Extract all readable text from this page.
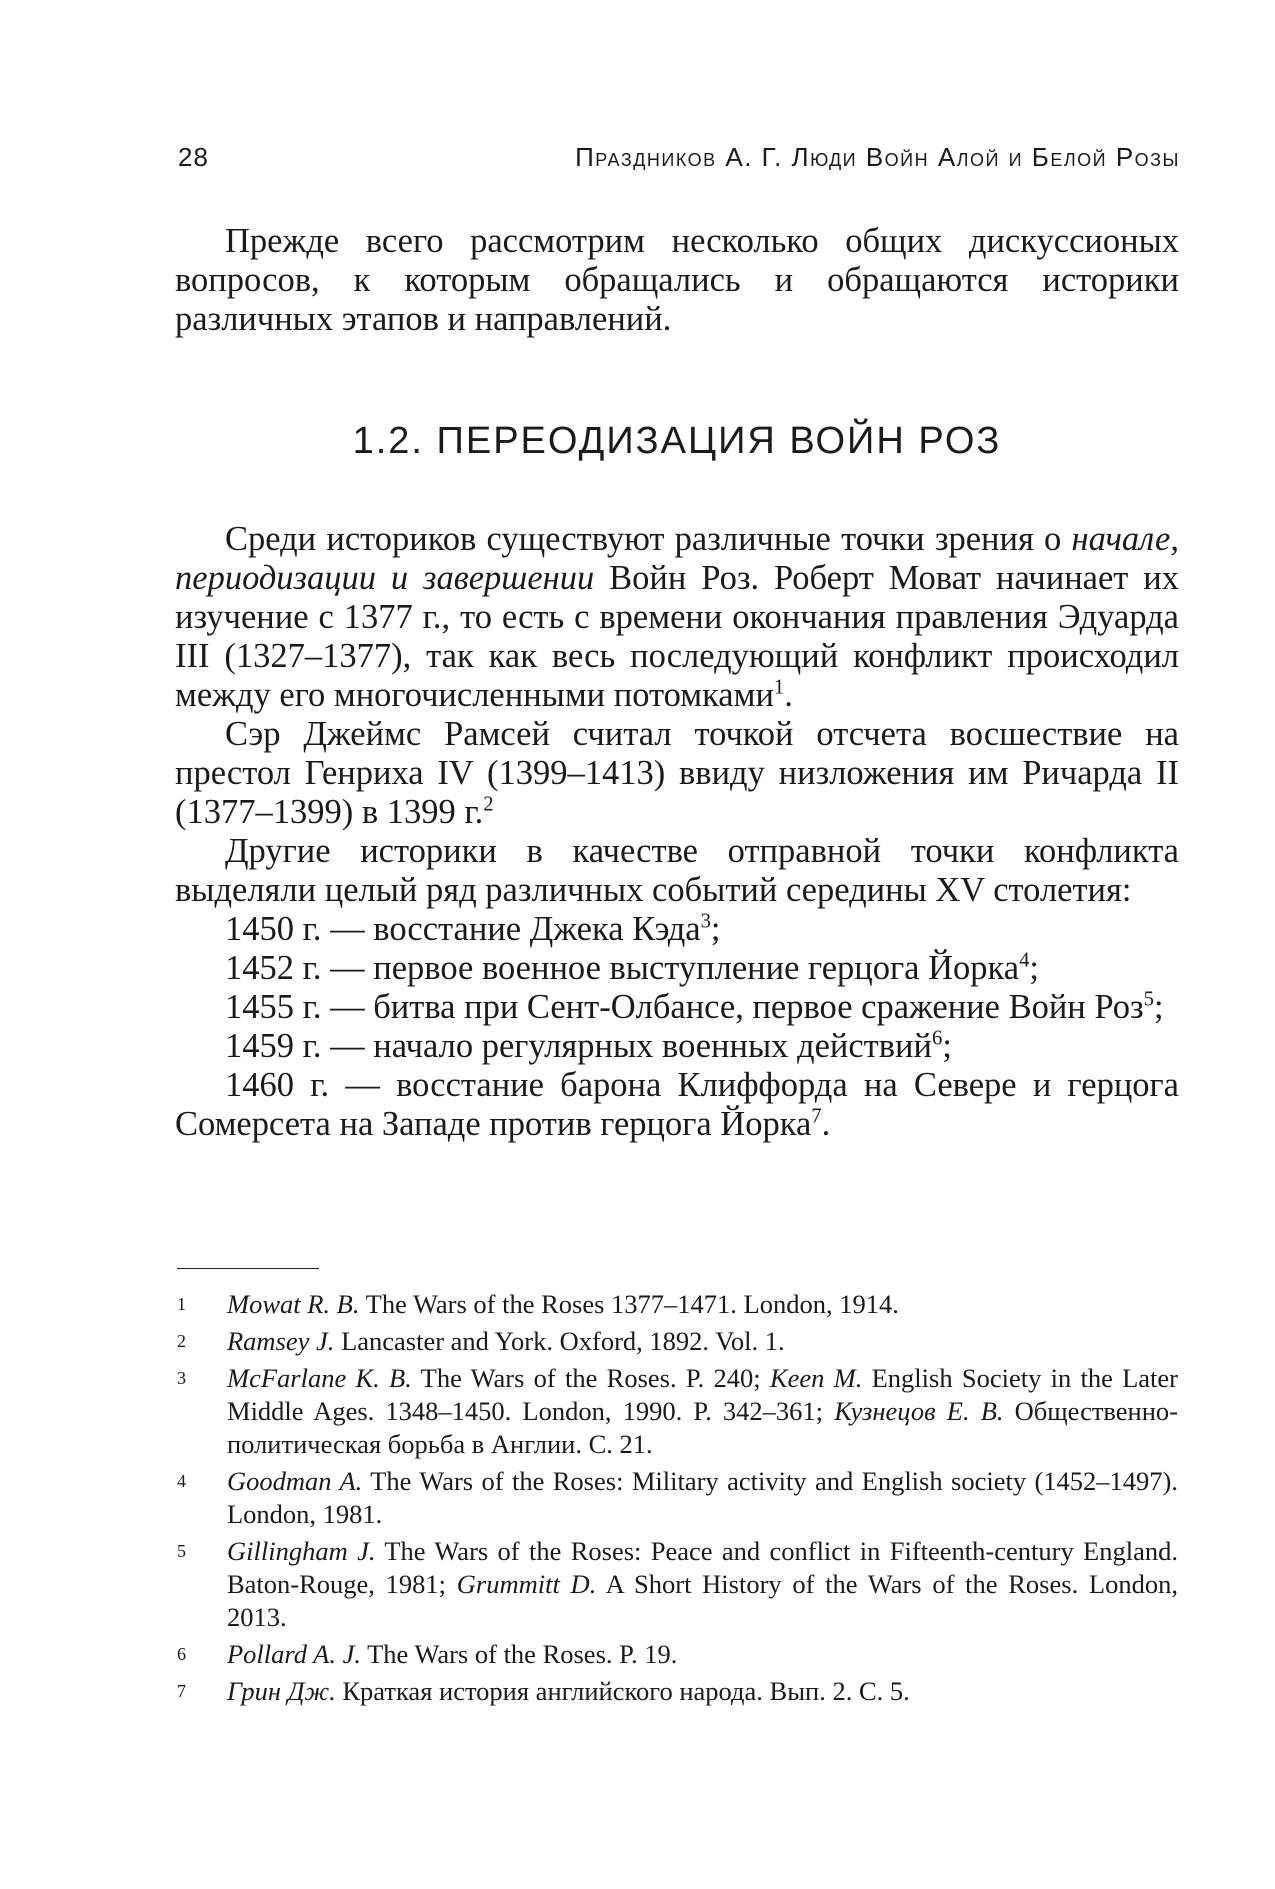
28	Праздников А. Г. Люди Войн Алой и Белой Розы

Прежде всего рассмотрим несколько общих дискуссионых вопросов, к которым обращались и обращаются историки различных этапов и направлений.

1.2. ПЕРЕОДИЗАЦИЯ ВОЙН РОЗ

Среди историков существуют различные точки зрения о начале, периодизации и завершении Войн Роз. Роберт Моват начинает их изучение с 1377 г., то есть с времени окончания правления Эдуарда III (1327–1377), так как весь последующий конфликт происходил между его многочисленными потомками$^1$.

Сэр Джеймс Рамсей считал точкой отсчета восшествие на престол Генриха IV (1399–1413) ввиду низложения им Ричарда II (1377–1399) в 1399 г.$^2$

Другие историки в качестве отправной точки конфликта выделяли целый ряд различных событий середины XV столетия:

1450 г. — восстание Джека Кэда$^3$;

1452 г. — первое военное выступление герцога Йорка$^4$;

1455 г. — битва при Сент-Олбансе, первое сражение Войн Роз$^5$;

1459 г. — начало регулярных военных действий$^6$;

1460 г. — восстание барона Клиффорда на Севере и герцога Сомерсета на Западе против герцога Йорка$^7$.

1 Mowat R. B. The Wars of the Roses 1377–1471. London, 1914.
2 Ramsey J. Lancaster and York. Oxford, 1892. Vol. 1.
3 McFarlane K. B. The Wars of the Roses. P. 240; Keen M. English Society in the Later Middle Ages. 1348–1450. London, 1990. P. 342–361; Кузнецов Е. В. Общественно-политическая борьба в Англии. С. 21.
4 Goodman A. The Wars of the Roses: Military activity and English society (1452–1497). London, 1981.
5 Gillingham J. The Wars of the Roses: Peace and conflict in Fifteenth-century England. Baton-Rouge, 1981; Grummitt D. A Short History of the Wars of the Roses. London, 2013.
6 Pollard A. J. The Wars of the Roses. P. 19.
7 Грин Дж. Краткая история английского народа. Вып. 2. С. 5.
